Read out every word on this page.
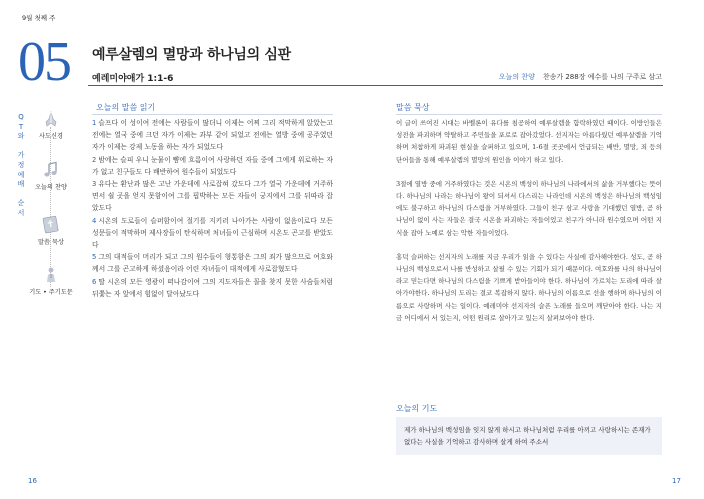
9월 첫째 주
05 예루살렘의 멸망과 하나님의 심판
예레미야애가 1:1-6	오늘의 찬양 찬송가 288장 예수를 나의 구주로 삼고
Q
T
와

가
정
예
배

순
서
사도신경
오늘의 찬양
말씀 묵상
기도 • 주기도문
오늘의 말씀 읽기
1 슬프다 이 성이여 전에는 사람들이 많더니 이제는 어찌 그리 적막하게 앉았는고 전에는 열국 중에 크던 자가 이제는 과부 같이 되었고 전에는 열방 중에 공주였던 자가 이제는 강제 노동을 하는 자가 되었도다
2 밤에는 슬피 우니 눈물이 뺨에 흐름이여 사랑하던 자들 중에 그에게 위로하는 자가 없고 친구들도 다 배반하여 원수들이 되었도다
3 유다는 환난과 많은 고난 가운데에 사로잡혀 갔도다 그가 열국 가운데에 거주하면서 쉴 곳을 얻지 못함이여 그를 핍박하는 모든 자들이 궁지에서 그를 뒤따라 잡았도다
4 시온의 도로들이 슬퍼함이여 절기를 지키러 나아가는 사람이 없음이로다 모든 성문들이 적막하며 제사장들이 탄식하며 처녀들이 근심하며 시온도 곤고를 받았도다
5 그의 대적들이 머리가 되고 그의 원수들이 형통함은 그의 죄가 많으므로 여호와께서 그를 곤고하게 하셨음이라 어린 자녀들이 대적에게 사로잡혔도다
6 딸 시온의 모든 영광이 떠나감이여 그의 지도자들은 꼴을 찾지 못한 사슴들처럼 뒤쫓는 자 앞에서 힘없이 달아났도다
말씀 묵상

이 글이 쓰여진 시대는 바벨론이 유다를 침공하여 예루살렘을 함락하였던 때이다. 이방인들은 성전을 파괴하며 약탈하고 주민들을 포로로 잡아갔었다. 선지자는 아름다웠던 예루살렘을 기억하며 처참하게 파괴된 현실을 슬퍼하고 있으며, 1-6절 곳곳에서 언급되는 배반, 멸망, 죄 등의 단어들을 통해 예루살렘의 멸망의 원인을 이야기 하고 있다.

3절에 열방 중에 거주하였다는 것은 시온의 백성이 하나님의 나라에서의 삶을 거부했다는 뜻이다. 하나님의 나라는 하나님이 왕이 되셔서 다스리는 나라인데 시온의 백성은 하나님의 백성임에도 불구하고 하나님의 다스림을 거부하였다. 그들이 친구 삼고 사랑을 기대했던 열방, 곧 하나님이 없이 사는 자들은 결국 시온을 파괴하는 자들이었고 친구가 아니라 원수였으며 어떤 지식을 잡아 노예로 삼는 악한 자들이었다.

홍덕 슬퍼하는 선지자의 노래를 지금 우리가 읽을 수 있다는 사실에 감사해야한다. 성도, 곧 하나님의 백성으로서 나를 반성하고 살필 수 있는 기회가 되기 때문이다. 여호와를 나의 하나님이라고 믿는다면 하나님의 다스림을 기쁘게 받아들이야 한다. 하나님이 가르치는 도리에 따라 살아가야한다. 하나님의 도리는 결코 복잡하지 않다. 하나님의 이름으로 선을 행하며 하나님의 이름으로 사랑하며 사는 일이다. 예레미야 선지자의 슬픈 노래를 들으며 깨닫아야 한다. 나는 지금 어디에서 서 있는지, 어떤 원리로 살아가고 있는지 살펴보아야 한다.

오늘의 기도
제가 하나님의 백성임을 잊지 않게 하시고 하나님처럼 우리를 아끼고 사랑하시는 존재가 없다는 사실을 기억하고 감사하며 살게 하여 주소서
16	17
